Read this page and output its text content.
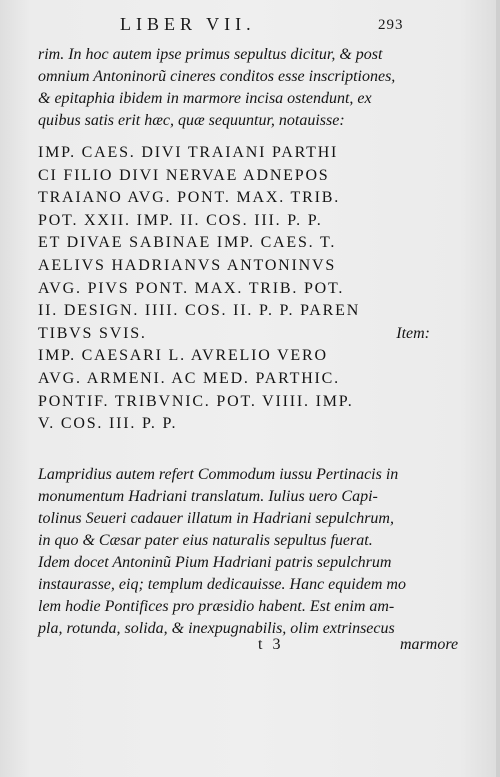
LIBER VII.	293
rim. In hoc autem ipse primus sepultus dicitur, & post
omnium Antoninorũ cineres conditos esse inscriptiones,
& epitaphia ibidem in marmore incisa ostendunt, ex
quibus satis erit hæc, quæ sequuntur, notauisse:
IMP. CAES. DIVI TRAIANI PARTHI
CI FILIO DIVI NERVAE ADNEPOS
TRAIANO AVG. PONT. MAX. TRIB.
POT. XXII. IMP. II. COS. III. P. P.
ET DIVAE SABINAE IMP. CAES. T.
AELIVS HADRIANVS ANTONINVS
AVG. PIVS PONT. MAX. TRIB. POT.
II. DESIGN. IIII. COS. II. P. P. PAREN
TIBVS SVIS.	Item:
IMP. CAESARI L. AVRELIO VERO
AVG. ARMENI. AC MED. PARTHIC.
PONTIF. TRIBVNIC. POT. VIIII. IMP.
V. COS. III. P. P.
Lampridius autem refert Commodum iussu Pertinacis in
monumentum Hadriani translatum. Iulius uero Capi-
tolinus Seueri cadauer illatum in Hadriani sepulchrum,
in quo & Cæsar pater eius naturalis sepultus fuerat.
Idem docet Antoninũ Pium Hadriani patris sepulchrum
instaurasse, eiq; templum dedicauisse. Hanc equidem mo
lem hodie Pontifices pro præsidio habent. Est enim am-
pla, rotunda, solida, & inexpugnabilis, olim extrinsecus
t 3	marmore
